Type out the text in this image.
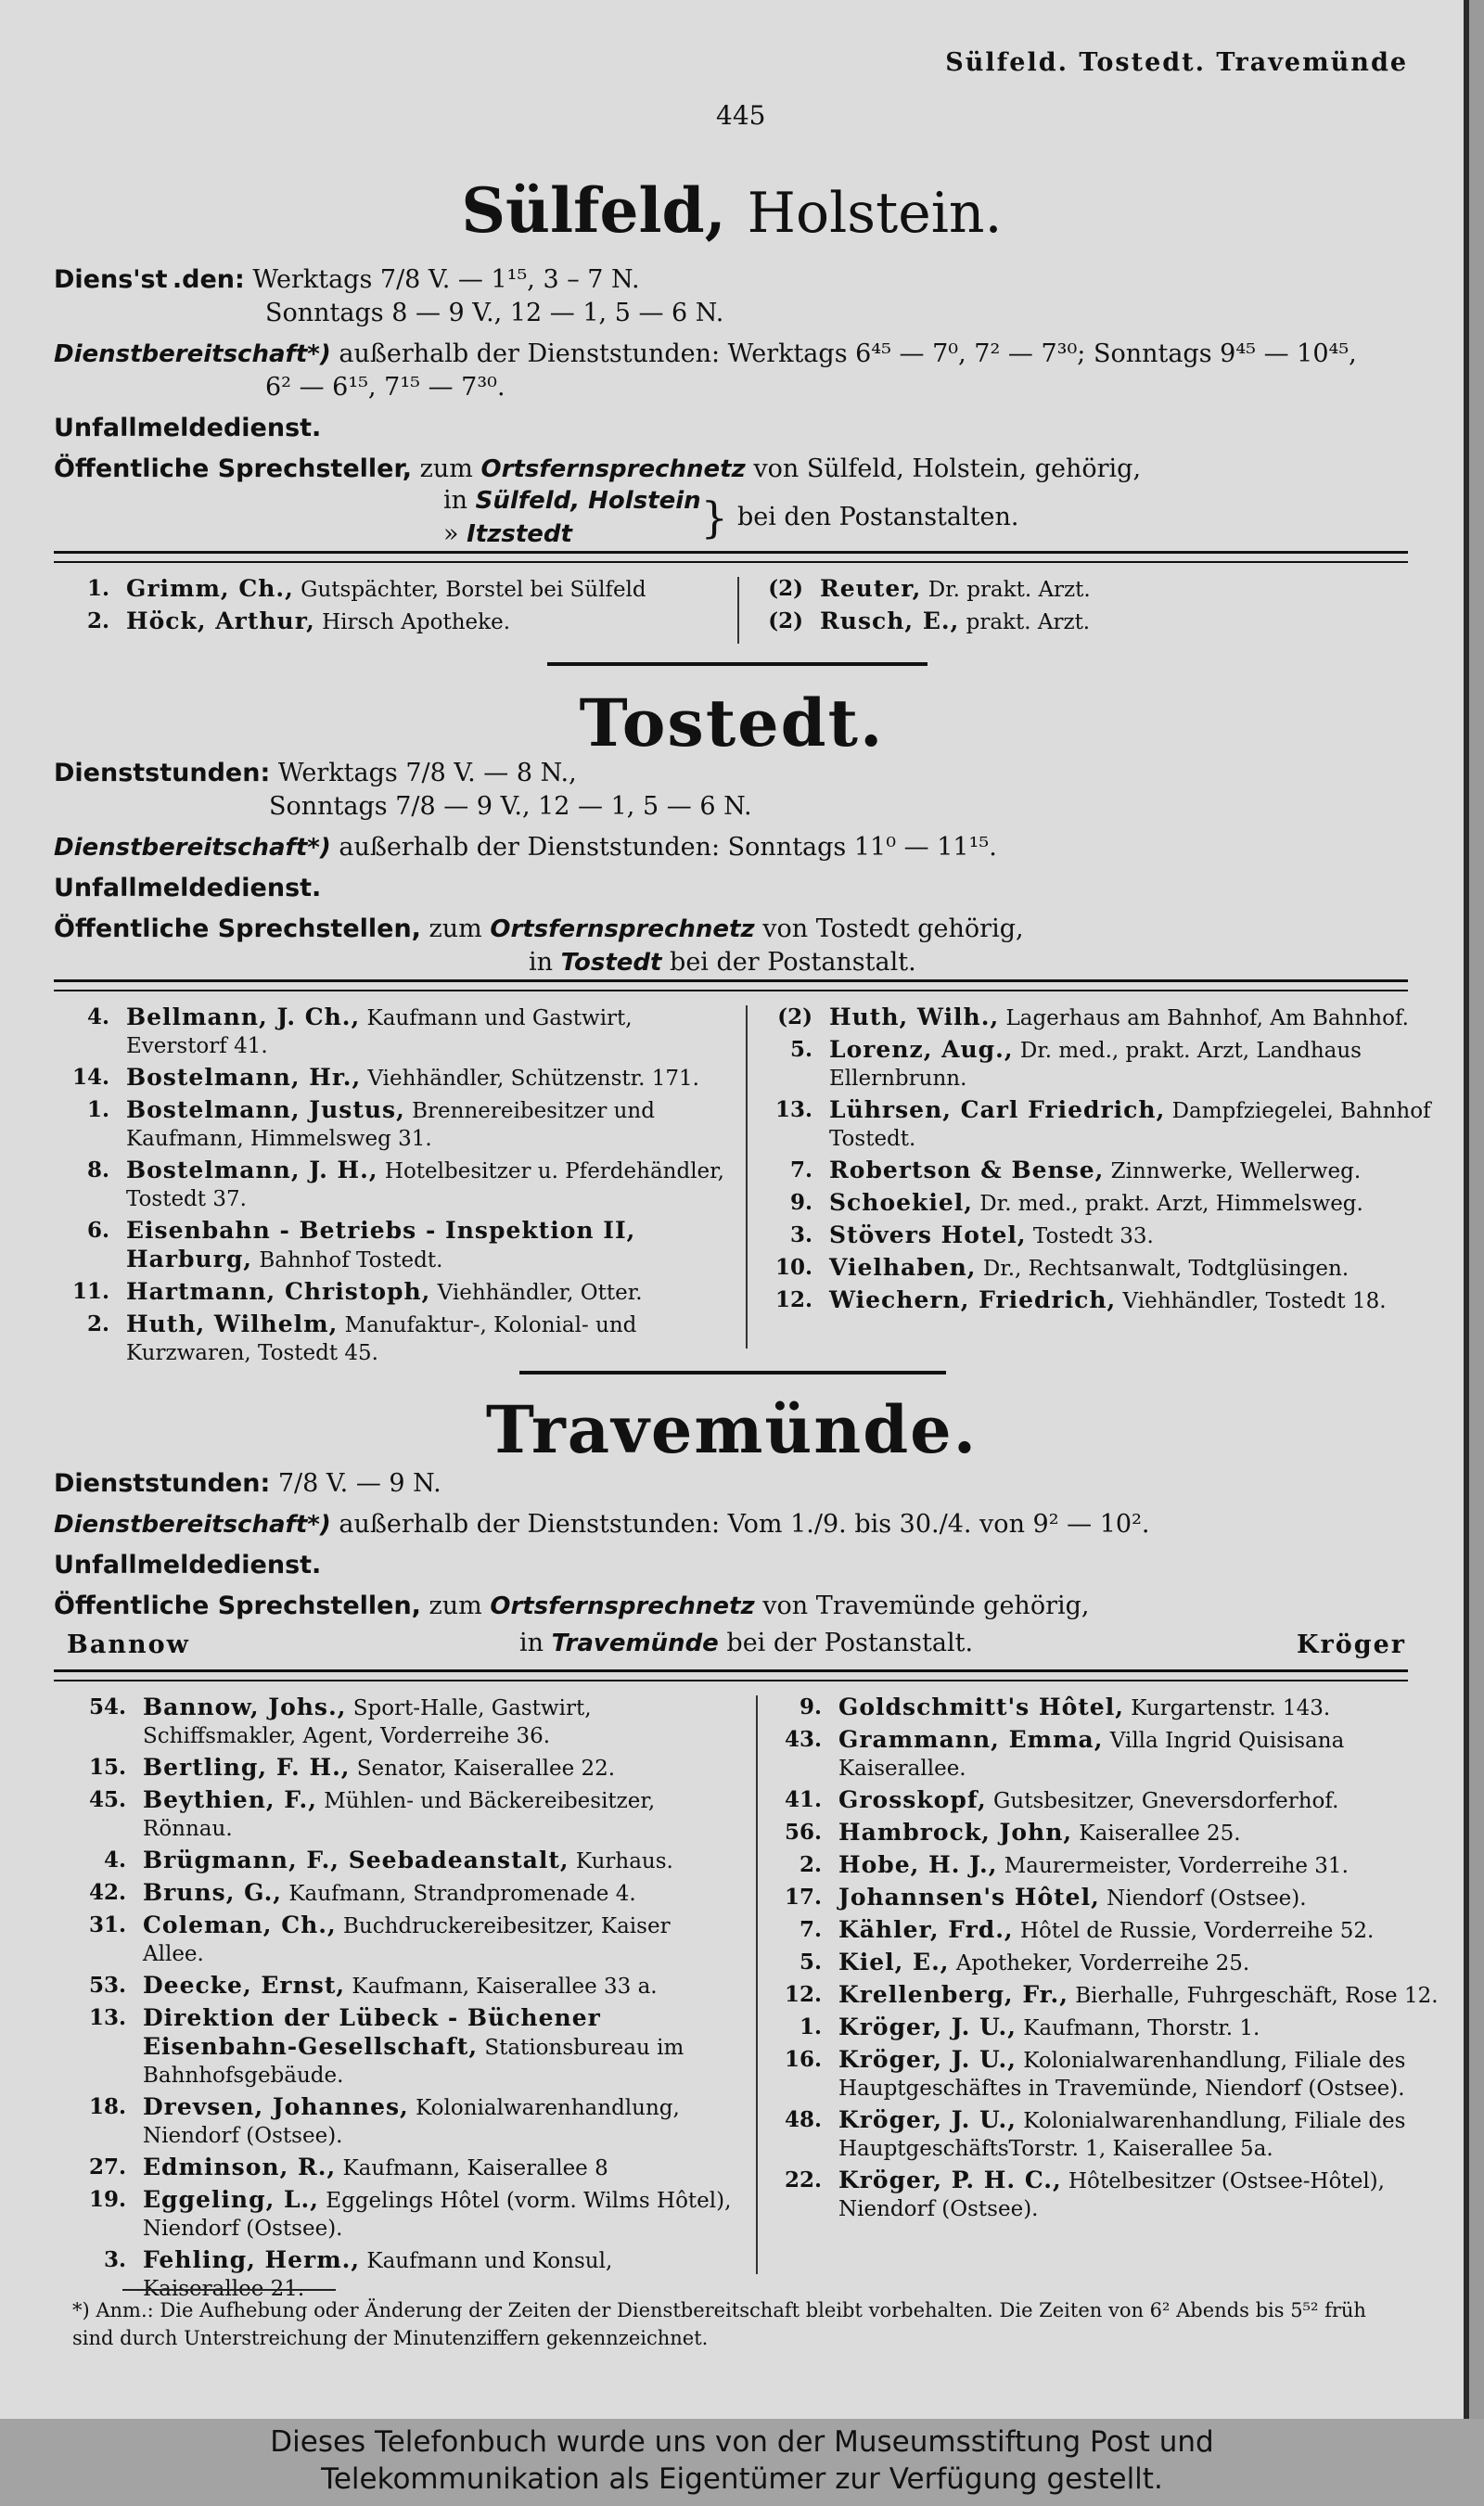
Sülfeld. Tostedt. Travemünde
445
Sülfeld, Holstein.
Diens'st .den: Werktags 7/8 V. — 1¹⁵, 3 – 7 N.
Sonntags 8 — 9 V., 12 — 1, 5 — 6 N.
Dienstbereitschaft*) außerhalb der Dienststunden: Werktags 6⁴⁵ — 7⁰, 7² — 7³⁰; Sonntags 9⁴⁵ — 10⁴⁵,
6² — 6¹⁵, 7¹⁵ — 7³⁰.
Unfallmeldedienst.
Öffentliche Sprechsteller, zum Ortsfernsprechnetz von Sülfeld, Holstein, gehörig,
in Sülfeld, Holstein
» Itzstedt	} bei den Postanstalten.
1. Grimm, Ch., Gutspächter, Borstel bei Sülfeld
2. Höck, Arthur, Hirsch Apotheke.
(2) Reuter, Dr. prakt. Arzt.
(2) Rusch, E., prakt. Arzt.
Tostedt.
Dienststunden: Werktags 7/8 V. — 8 N.,
Sonntags 7/8 — 9 V., 12 — 1, 5 — 6 N.
Dienstbereitschaft*) außerhalb der Dienststunden: Sonntags 11⁰ — 11¹⁵.
Unfallmeldedienst.
Öffentliche Sprechstellen, zum Ortsfernsprechnetz von Tostedt gehörig,
in Tostedt bei der Postanstalt.
4. Bellmann, J. Ch., Kaufmann und Gastwirt, Everstorf 41.
14. Bostelmann, Hr., Viehhändler, Schützenstr. 171.
1. Bostelmann, Justus, Brennereibesitzer und Kaufmann, Himmelsweg 31.
8. Bostelmann, J. H., Hotelbesitzer u. Pferdehändler, Tostedt 37.
6. Eisenbahn - Betriebs - Inspektion II, Harburg, Bahnhof Tostedt.
11. Hartmann, Christoph, Viehhändler, Otter.
2. Huth, Wilhelm, Manufaktur-, Kolonial- und Kurzwaren, Tostedt 45.
(2) Huth, Wilh., Lagerhaus am Bahnhof, Am Bahnhof.
5. Lorenz, Aug., Dr. med., prakt. Arzt, Landhaus Ellernbrunn.
13. Lührsen, Carl Friedrich, Dampfziegelei, Bahnhof Tostedt.
7. Robertson & Bense, Zinnwerke, Wellerweg.
9. Schoekiel, Dr. med., prakt. Arzt, Himmelsweg.
3. Stövers Hotel, Tostedt 33.
10. Vielhaben, Dr., Rechtsanwalt, Todtglüsingen.
12. Wiechern, Friedrich, Viehhändler, Tostedt 18.
Travemünde.
Dienststunden: 7/8 V. — 9 N.
Dienstbereitschaft*) außerhalb der Dienststunden: Vom 1./9. bis 30./4. von 9² — 10².
Unfallmeldedienst.
Öffentliche Sprechstellen, zum Ortsfernsprechnetz von Travemünde gehörig,
in Travemünde bei der Postanstalt.
Bannow	Kröger
54. Bannow, Johs., Sport-Halle, Gastwirt, Schiffsmakler, Agent, Vorderreihe 36.
15. Bertling, F. H., Senator, Kaiserallee 22.
45. Beythien, F., Mühlen- und Bäckereibesitzer, Rönnau.
4. Brügmann, F., Seebadeanstalt, Kurhaus.
42. Bruns, G., Kaufmann, Strandpromenade 4.
31. Coleman, Ch., Buchdruckereibesitzer, Kaiser Allee.
53. Deecke, Ernst, Kaufmann, Kaiserallee 33 a.
13. Direktion der Lübeck - Büchener Eisenbahn-Gesellschaft, Stationsbureau im Bahnhofsgebäude.
18. Drevsen, Johannes, Kolonialwarenhandlung, Niendorf (Ostsee).
27. Edminson, R., Kaufmann, Kaiserallee 8
19. Eggeling, L., Eggelings Hôtel (vorm. Wilms Hôtel), Niendorf (Ostsee).
3. Fehling, Herm., Kaufmann und Konsul, Kaiserallee 21.
9. Goldschmitt's Hôtel, Kurgartenstr. 143.
43. Grammann, Emma, Villa Ingrid Quisisana Kaiserallee.
41. Grosskopf, Gutsbesitzer, Gneversdorferhof.
56. Hambrock, John, Kaiserallee 25.
2. Hobe, H. J., Maurermeister, Vorderreihe 31.
17. Johannsen's Hôtel, Niendorf (Ostsee).
7. Kähler, Frd., Hôtel de Russie, Vorderreihe 52.
5. Kiel, E., Apotheker, Vorderreihe 25.
12. Krellenberg, Fr., Bierhalle, Fuhrgeschäft, Rose 12.
1. Kröger, J. U., Kaufmann, Thorstr. 1.
16. Kröger, J. U., Kolonialwarenhandlung, Filiale des Hauptgeschäftes in Travemünde, Niendorf (Ostsee).
48. Kröger, J. U., Kolonialwarenhandlung, Filiale des HauptgeschäftsTorstr. 1, Kaiserallee 5a.
22. Kröger, P. H. C., Hôtelbesitzer (Ostsee-Hôtel), Niendorf (Ostsee).
*) Anm.: Die Aufhebung oder Änderung der Zeiten der Dienstbereitschaft bleibt vorbehalten. Die Zeiten von 6² Abends bis 5⁵² früh sind durch Unterstreichung der Minutenziffern gekennzeichnet.
Dieses Telefonbuch wurde uns von der Museumsstiftung Post und
Telekommunikation als Eigentümer zur Verfügung gestellt.
